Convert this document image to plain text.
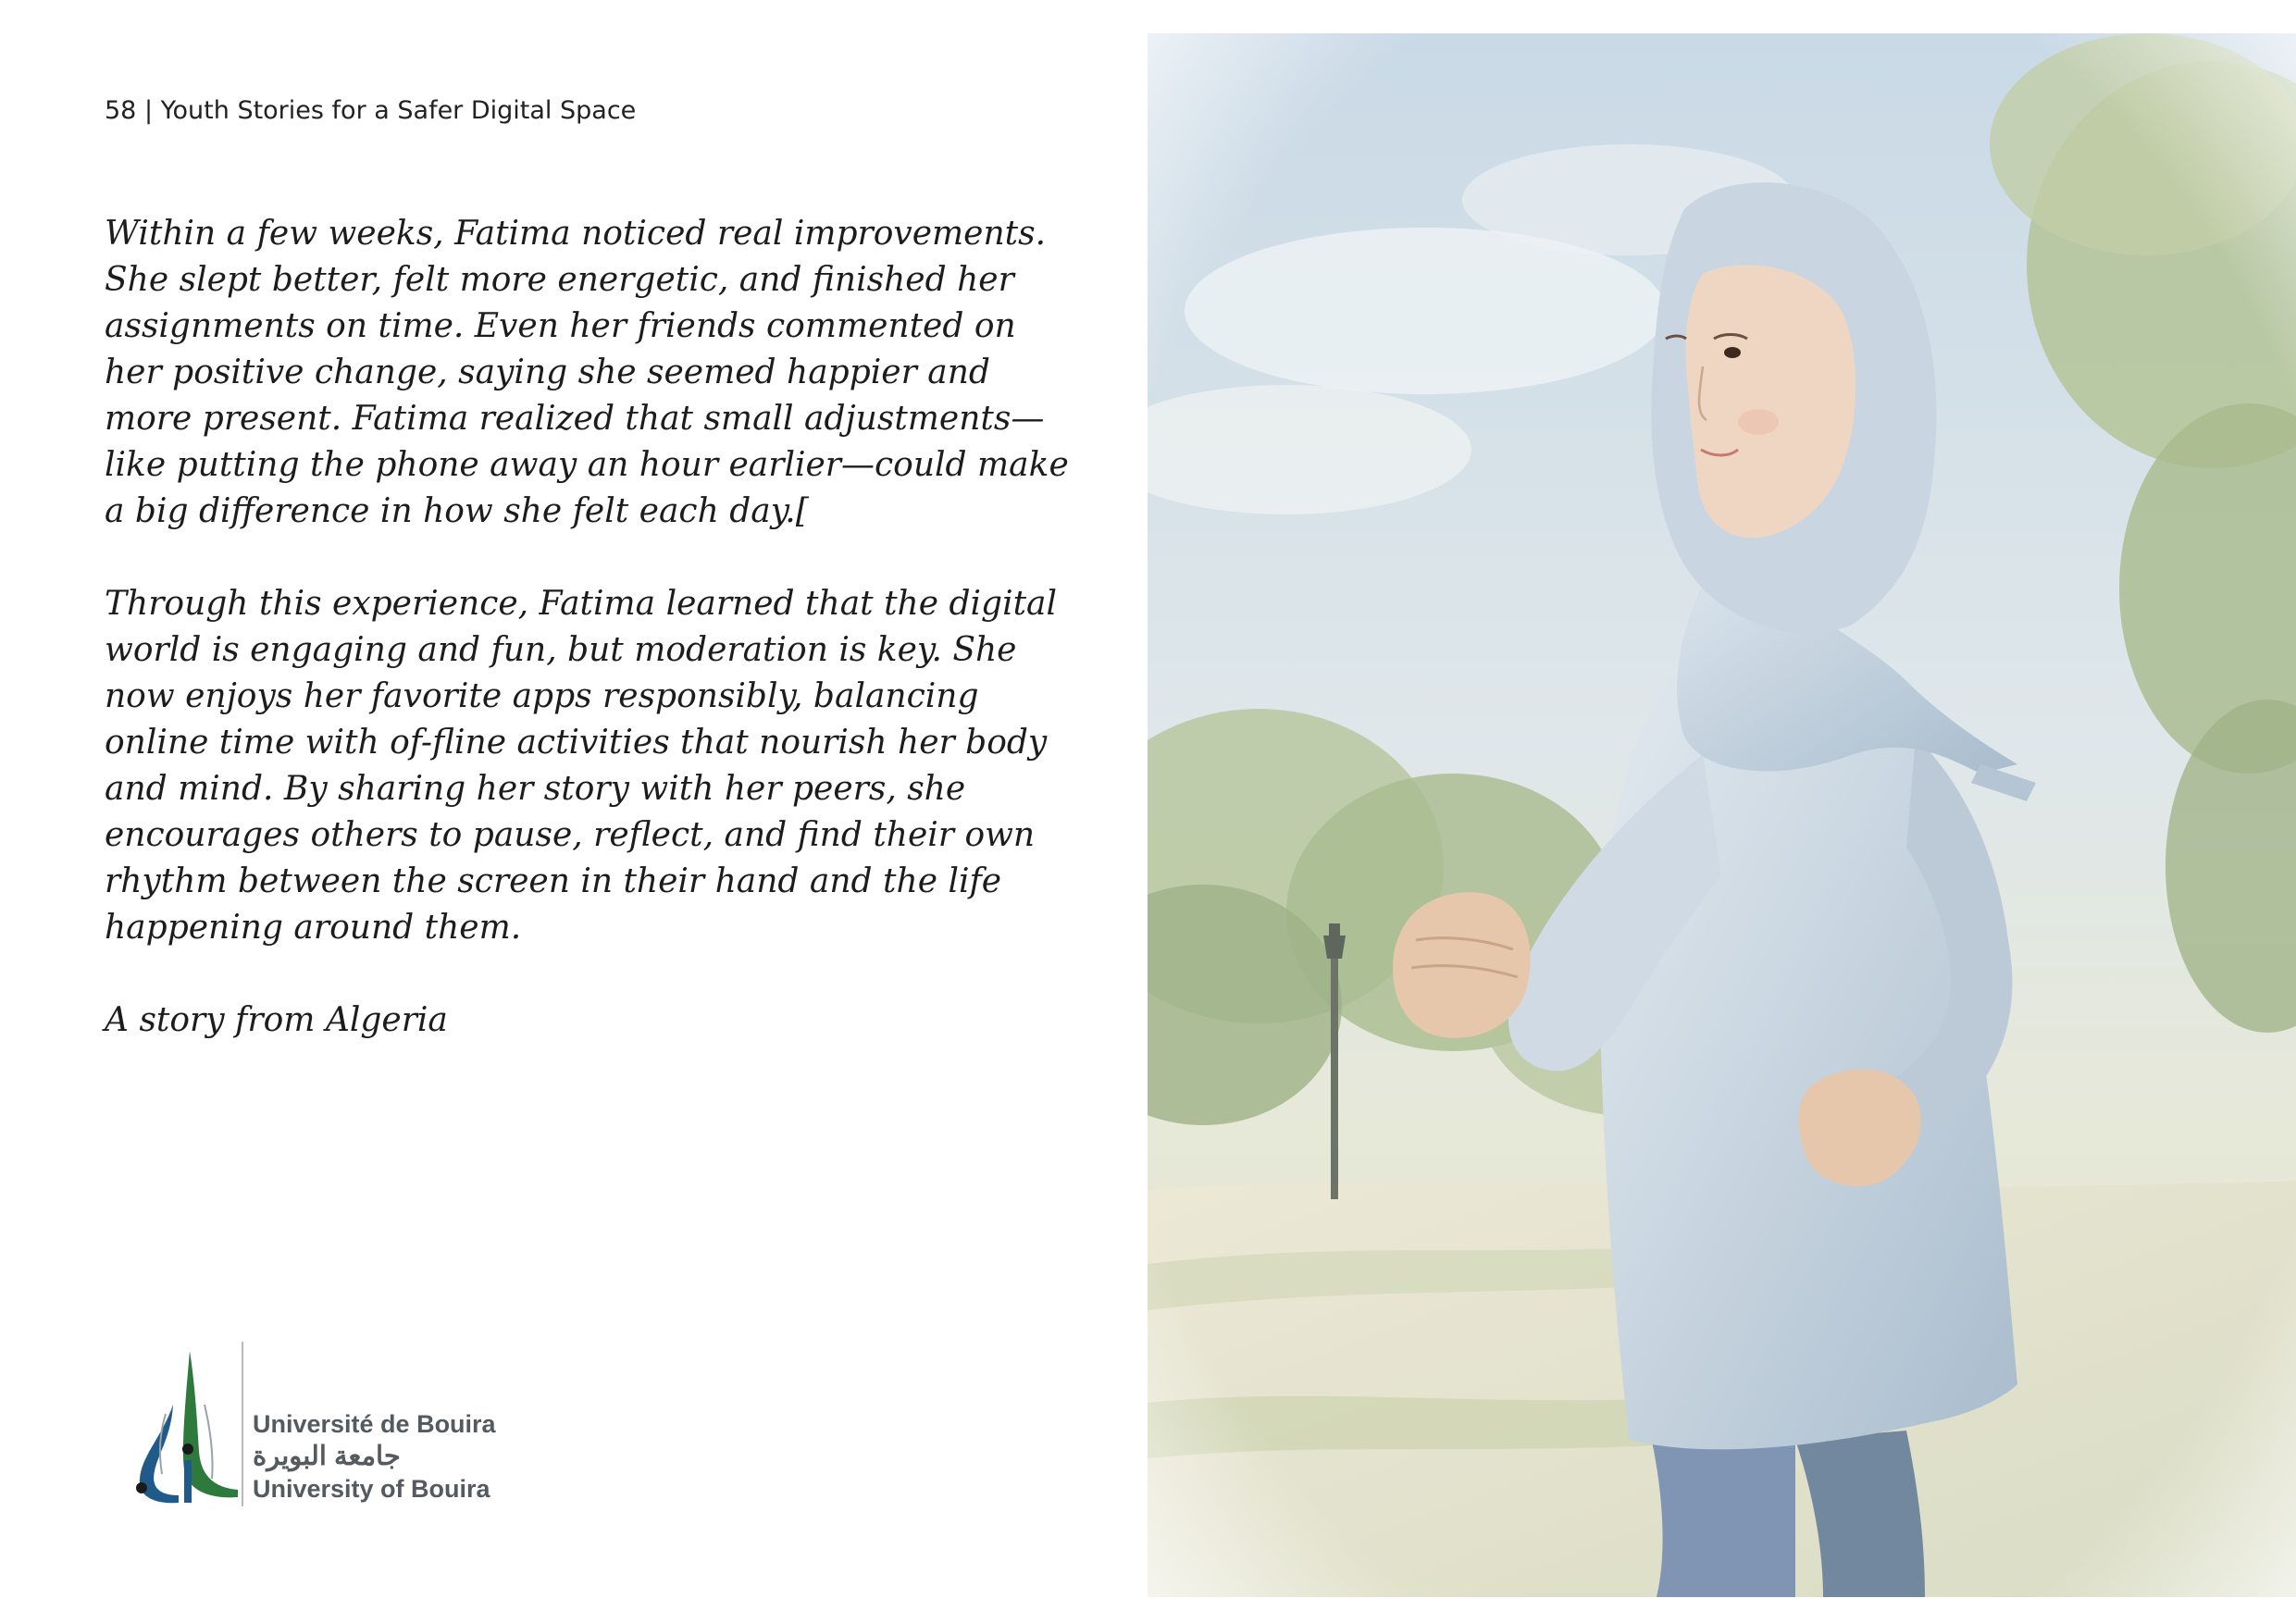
58 | Youth Stories for a Safer Digital Space

Within a few weeks, Fatima noticed real improvements. She slept better, felt more energetic, and finished her assignments on time. Even her friends commented on her positive change, saying she seemed happier and more present. Fatima realized that small adjustments—like putting the phone away an hour earlier—could make a big difference in how she felt each day.[

Through this experience, Fatima learned that the digital world is engaging and fun, but moderation is key. She now enjoys her favorite apps responsibly, balancing online time with of-fline activities that nourish her body and mind. By sharing her story with her peers, she encourages others to pause, reflect, and find their own rhythm between the screen in their hand and the life happening around them.

A story from Algeria

Université de Bouira
جامعة البويرة
University of Bouira
